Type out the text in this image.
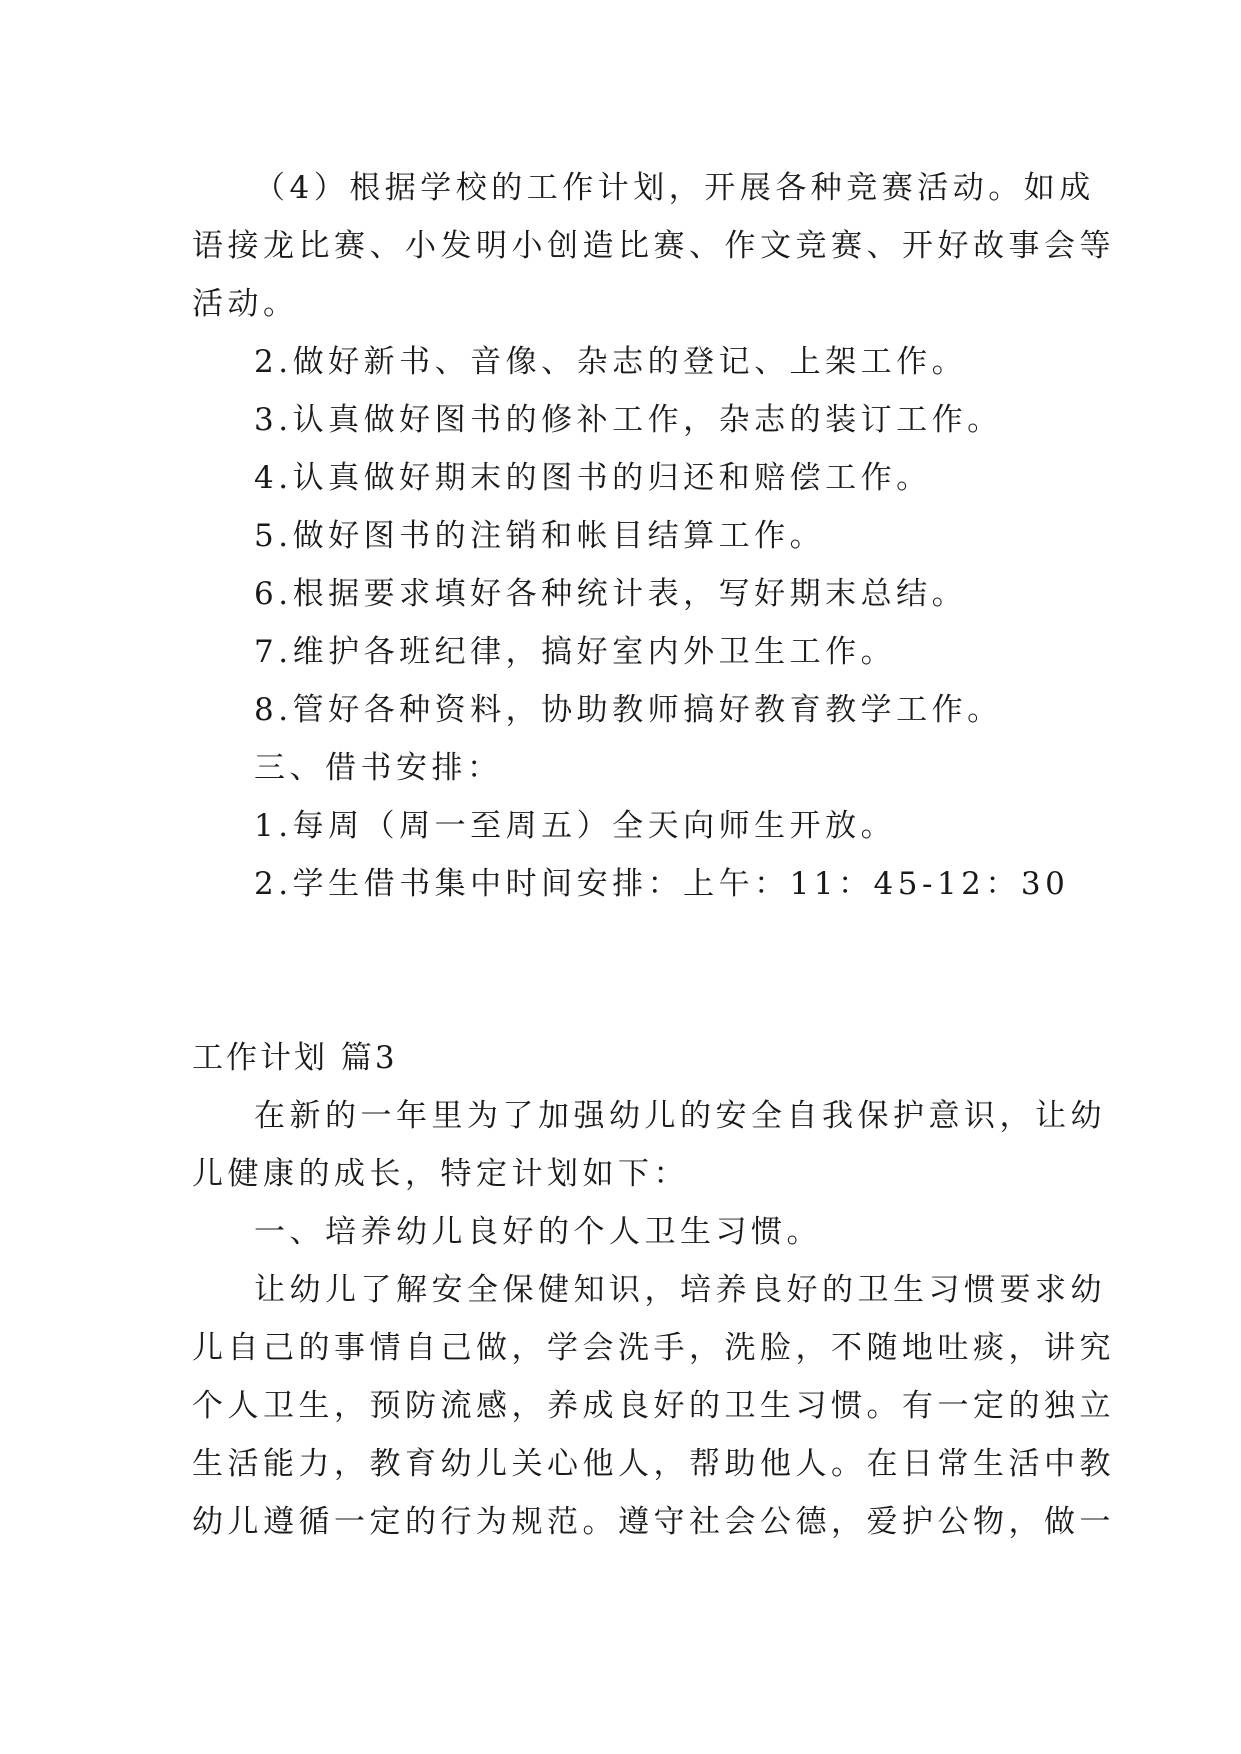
（4）根据学校的工作计划，开展各种竞赛活动。如成

语接龙比赛、小发明小创造比赛、作文竞赛、开好故事会等

活动。

2.做好新书、音像、杂志的登记、上架工作。

3.认真做好图书的修补工作，杂志的装订工作。

4.认真做好期末的图书的归还和赔偿工作。

5.做好图书的注销和帐目结算工作。

6.根据要求填好各种统计表，写好期末总结。

7.维护各班纪律，搞好室内外卫生工作。

8.管好各种资料，协助教师搞好教育教学工作。

三、借书安排：

1.每周（周一至周五）全天向师生开放。

2.学生借书集中时间安排：上午：11：45-12：30

工作计划 篇3

在新的一年里为了加强幼儿的安全自我保护意识，让幼

儿健康的成长，特定计划如下：

一、培养幼儿良好的个人卫生习惯。

让幼儿了解安全保健知识，培养良好的卫生习惯要求幼

儿自己的事情自己做，学会洗手，洗脸，不随地吐痰，讲究

个人卫生，预防流感，养成良好的卫生习惯。有一定的独立

生活能力，教育幼儿关心他人，帮助他人。在日常生活中教

幼儿遵循一定的行为规范。遵守社会公德，爱护公物，做一
